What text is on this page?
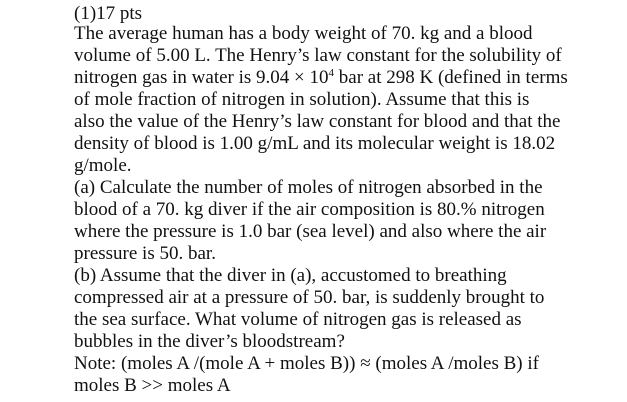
(1)17 pts
The average human has a body weight of 70. kg and a blood
volume of 5.00 L. The Henry’s law constant for the solubility of
nitrogen gas in water is $9.04 \times 10^4$ bar at 298 K (defined in terms
of mole fraction of nitrogen in solution). Assume that this is
also the value of the Henry’s law constant for blood and that the
density of blood is 1.00 g/mL and its molecular weight is 18.02
g/mole.
(a) Calculate the number of moles of nitrogen absorbed in the
blood of a 70. kg diver if the air composition is 80.% nitrogen
where the pressure is 1.0 bar (sea level) and also where the air
pressure is 50. bar.
(b) Assume that the diver in (a), accustomed to breathing
compressed air at a pressure of 50. bar, is suddenly brought to
the sea surface. What volume of nitrogen gas is released as
bubbles in the diver’s bloodstream?
Note: (moles A /(mole A + moles B)) ≈ (moles A /moles B) if
moles B >> moles A
